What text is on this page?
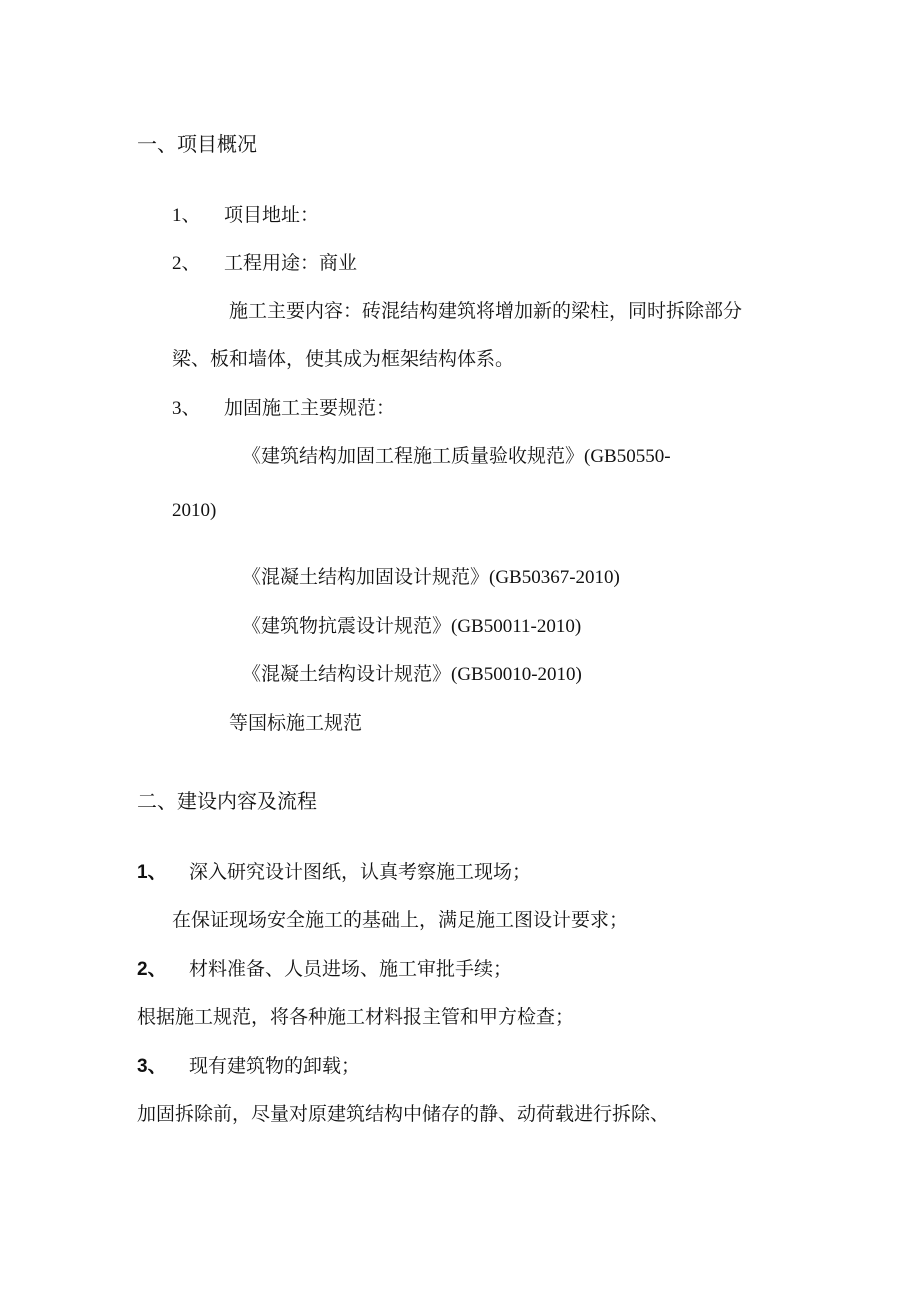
一、项目概况
1、 项目地址：
2、 工程用途：商业
施工主要内容：砖混结构建筑将增加新的梁柱，同时拆除部分
梁、板和墙体，使其成为框架结构体系。
3、 加固施工主要规范：
《建筑结构加固工程施工质量验收规范》(GB50550-
2010)
《混凝土结构加固设计规范》(GB50367-2010)
《建筑物抗震设计规范》(GB50011-2010)
《混凝土结构设计规范》(GB50010-2010)
等国标施工规范
二、建设内容及流程
1、 深入研究设计图纸，认真考察施工现场；
在保证现场安全施工的基础上，满足施工图设计要求；
2、 材料准备、人员进场、施工审批手续；
根据施工规范，将各种施工材料报主管和甲方检查；
3、 现有建筑物的卸载；
加固拆除前，尽量对原建筑结构中储存的静、动荷载进行拆除、
